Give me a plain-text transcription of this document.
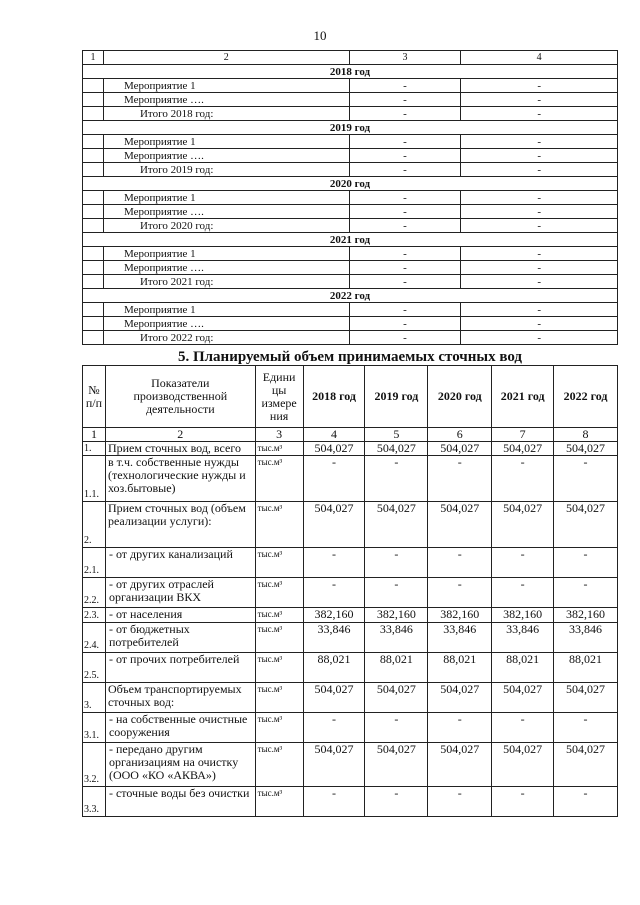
10
1	2	3	4
2018 год			
	Мероприятие 1	-	-
	Мероприятие ….	-	-
	Итого 2018 год:	-	-
2019 год			
	Мероприятие 1	-	-
	Мероприятие ….	-	-
	Итого 2019 год:	-	-
2020 год			
	Мероприятие 1	-	-
	Мероприятие ….	-	-
	Итого 2020 год:	-	-
2021 год			
	Мероприятие 1	-	-
	Мероприятие ….	-	-
	Итого 2021 год:	-	-
2022 год			
	Мероприятие 1	-	-
	Мероприятие ….	-	-
	Итого 2022 год:	-	-
5. Планируемый объем принимаемых сточных вод
№ п/п	Показатели производственной деятельности	Едини цы измере ния	2018 год	2019 год	2020 год	2021 год	2022 год
1	2	3	4	5	6	7	8
1.	Прием сточных вод, всего	тыс.м³	504,027	504,027	504,027	504,027	504,027
1.1.	в т.ч. собственные нужды (технологические нужды и хоз.бытовые)	тыс.м³	-	-	-	-	-
2.	Прием сточных вод (объем реализации услуги):	тыс.м³	504,027	504,027	504,027	504,027	504,027
2.1.	- от других канализаций	тыс.м³	-	-	-	-	-
2.2.	- от других отраслей организации ВКХ	тыс.м³	-	-	-	-	-
2.3.	- от населения	тыс.м³	382,160	382,160	382,160	382,160	382,160
2.4.	- от бюджетных потребителей	тыс.м³	33,846	33,846	33,846	33,846	33,846
2.5.	- от прочих потребителей	тыс.м³	88,021	88,021	88,021	88,021	88,021
3.	Объем транспортируемых сточных вод:	тыс.м³	504,027	504,027	504,027	504,027	504,027
3.1.	- на собственные очистные сооружения	тыс.м³	-	-	-	-	-
3.2.	- передано другим организациям на очистку (ООО «КО «АКВА»)	тыс.м³	504,027	504,027	504,027	504,027	504,027
3.3.	- сточные воды без очистки	тыс.м³	-	-	-	-	-
